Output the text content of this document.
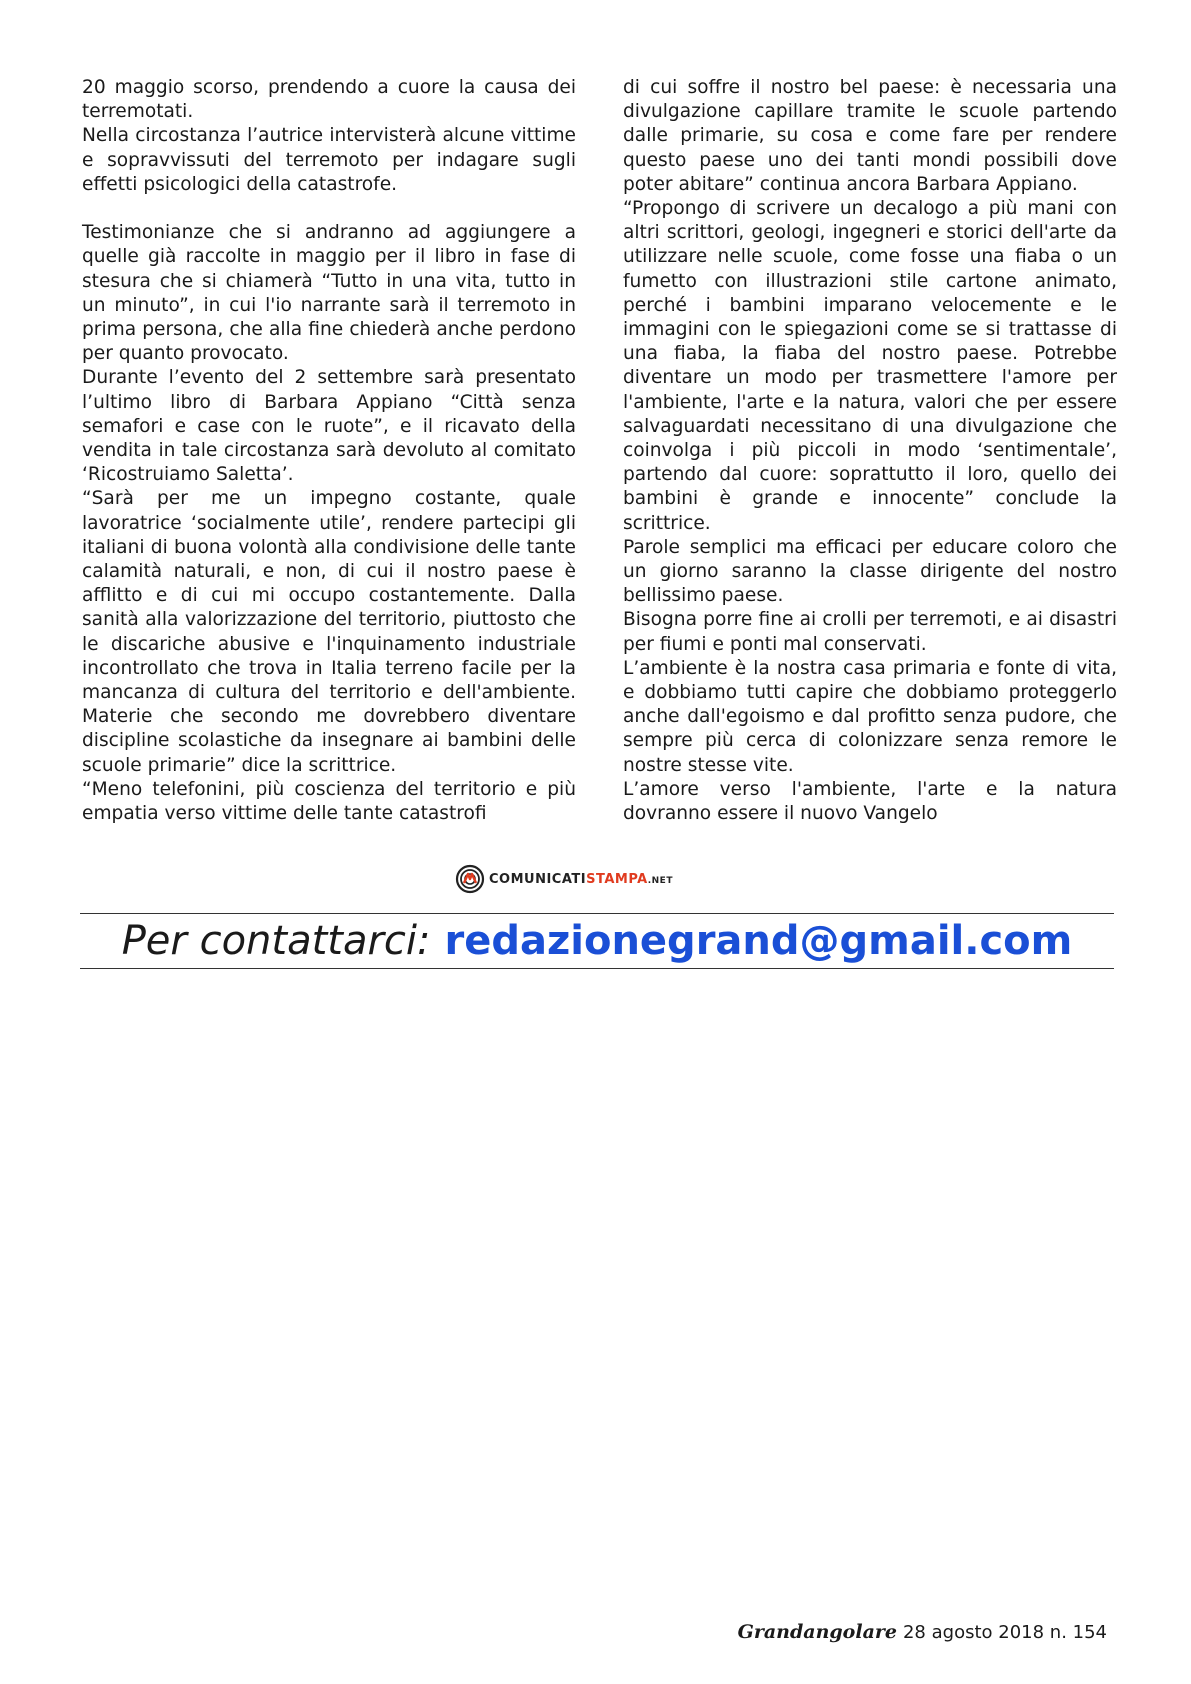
20 maggio scorso, prendendo a cuore la causa dei terremotati.

Nella circostanza l’autrice intervisterà alcune vittime e sopravvissuti del terremoto per indagare sugli effetti psicologici della catastrofe.

Testimonianze che si andranno ad aggiungere a quelle già raccolte in maggio per il libro in fase di stesura che si chiamerà “Tutto in una vita, tutto in un minuto”, in cui l'io narrante sarà il terremoto in prima persona, che alla fine chiederà anche perdono per quanto provocato.

Durante l’evento del 2 settembre sarà presentato l’ultimo libro di Barbara Appiano “Città senza semafori e case con le ruote”, e il ricavato della vendita in tale circostanza sarà devoluto al comitato ‘Ricostruiamo Saletta’.

“Sarà per me un impegno costante, quale lavoratrice ‘socialmente utile’, rendere partecipi gli italiani di buona volontà alla condivisione delle tante calamità naturali, e non, di cui il nostro paese è afflitto e di cui mi occupo costantemente. Dalla sanità alla valorizzazione del territorio, piuttosto che le discariche abusive e l'inquinamento industriale incontrollato che trova in Italia terreno facile per la mancanza di cultura del territorio e dell'ambiente. Materie che secondo me dovrebbero diventare discipline scolastiche da insegnare ai bambini delle scuole primarie” dice la scrittrice.

“Meno telefonini, più coscienza del territorio e più empatia verso vittime delle tante catastrofi

di cui soffre il nostro bel paese: è necessaria una divulgazione capillare tramite le scuole partendo dalle primarie, su cosa e come fare per rendere questo paese uno dei tanti mondi possibili dove poter abitare” continua ancora Barbara Appiano.

“Propongo di scrivere un decalogo a più mani con altri scrittori, geologi, ingegneri e storici dell'arte da utilizzare nelle scuole, come fosse una fiaba o un fumetto con illustrazioni stile cartone animato, perché i bambini imparano velocemente e le immagini con le spiegazioni come se si trattasse di una fiaba, la fiaba del nostro paese. Potrebbe diventare un modo per trasmettere l'amore per l'ambiente, l'arte e la natura, valori che per essere salvaguardati necessitano di una divulgazione che coinvolga i più piccoli in modo ‘sentimentale’, partendo dal cuore: soprattutto il loro, quello dei bambini è grande e innocente” conclude la scrittrice.

Parole semplici ma efficaci per educare coloro che un giorno saranno la classe dirigente del nostro bellissimo paese.

Bisogna porre fine ai crolli per terremoti, e ai disastri per fiumi e ponti mal conservati.

L’ambiente è la nostra casa primaria e fonte di vita, e dobbiamo tutti capire che dobbiamo proteggerlo anche dall'egoismo e dal profitto senza pudore, che sempre più cerca di colonizzare senza remore le nostre stesse vite.

L’amore verso l'ambiente, l'arte e la natura dovranno essere il nuovo Vangelo

COMUNICATISTAMPA.NET
Per contattarci: redazionegrand@gmail.com
Grandangolare 28 agosto 2018 n. 154
